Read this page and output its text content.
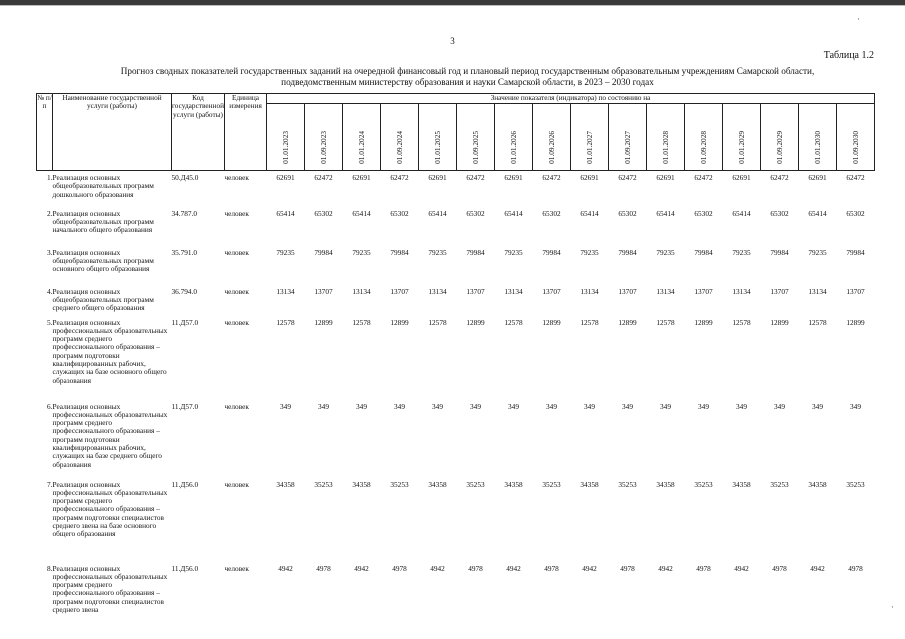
·
·
3
Таблица 1.2
Прогноз сводных показателей государственных заданий на очередной финансовый год и плановый период государственным образовательным учреждениям Самарской области,
подведомственным министерству образования и науки Самарской области, в 2023 – 2030 годах
№ п/п	Наименование государственной услуги (работы)	Код государственной услуги (работы)	Единица измерения	Значение показателя (индикатора) по состоянию на															

				01.01.2023	01.09.2023	01.01.2024	01.09.2024	01.01.2025	01.09.2025	01.01.2026	01.09.2026	01.01.2027	01.09.2027	01.01.2028	01.09.2028	01.01.2029	01.09.2029	01.01.2030	01.09.2030

1.	Реализация основных общеобразовательных программ дошкольного образования	50.Д45.0	человек	62691	62472	62691	62472	62691	62472	62691	62472	62691	62472	62691	62472	62691	62472	62691	62472
2.	Реализация основных общеобразовательных программ начального общего образования	34.787.0	человек	65414	65302	65414	65302	65414	65302	65414	65302	65414	65302	65414	65302	65414	65302	65414	65302
3.	Реализация основных общеобразовательных программ основного общего образования	35.791.0	человек	79235	79984	79235	79984	79235	79984	79235	79984	79235	79984	79235	79984	79235	79984	79235	79984
4.	Реализация основных общеобразовательных программ среднего общего образования	36.794.0	человек	13134	13707	13134	13707	13134	13707	13134	13707	13134	13707	13134	13707	13134	13707	13134	13707
5.	Реализация основных профессиональных образовательных программ среднего профессионального образования – программ подготовки квалифицированных рабочих, служащих на базе основного общего образования	11.Д57.0	человек	12578	12899	12578	12899	12578	12899	12578	12899	12578	12899	12578	12899	12578	12899	12578	12899
6.	Реализация основных профессиональных образовательных программ среднего профессионального образования – программ подготовки квалифицированных рабочих, служащих на базе среднего общего образования	11.Д57.0	человек	349	349	349	349	349	349	349	349	349	349	349	349	349	349	349	349
7.	Реализация основных профессиональных образовательных программ среднего профессионального образования – программ подготовки специалистов среднего звена на базе основного общего образования	11.Д56.0	человек	34358	35253	34358	35253	34358	35253	34358	35253	34358	35253	34358	35253	34358	35253	34358	35253
8.	Реализация основных профессиональных образовательных программ среднего профессионального образования – программ подготовки специалистов среднего звена	11.Д56.0	человек	4942	4978	4942	4978	4942	4978	4942	4978	4942	4978	4942	4978	4942	4978	4942	4978
